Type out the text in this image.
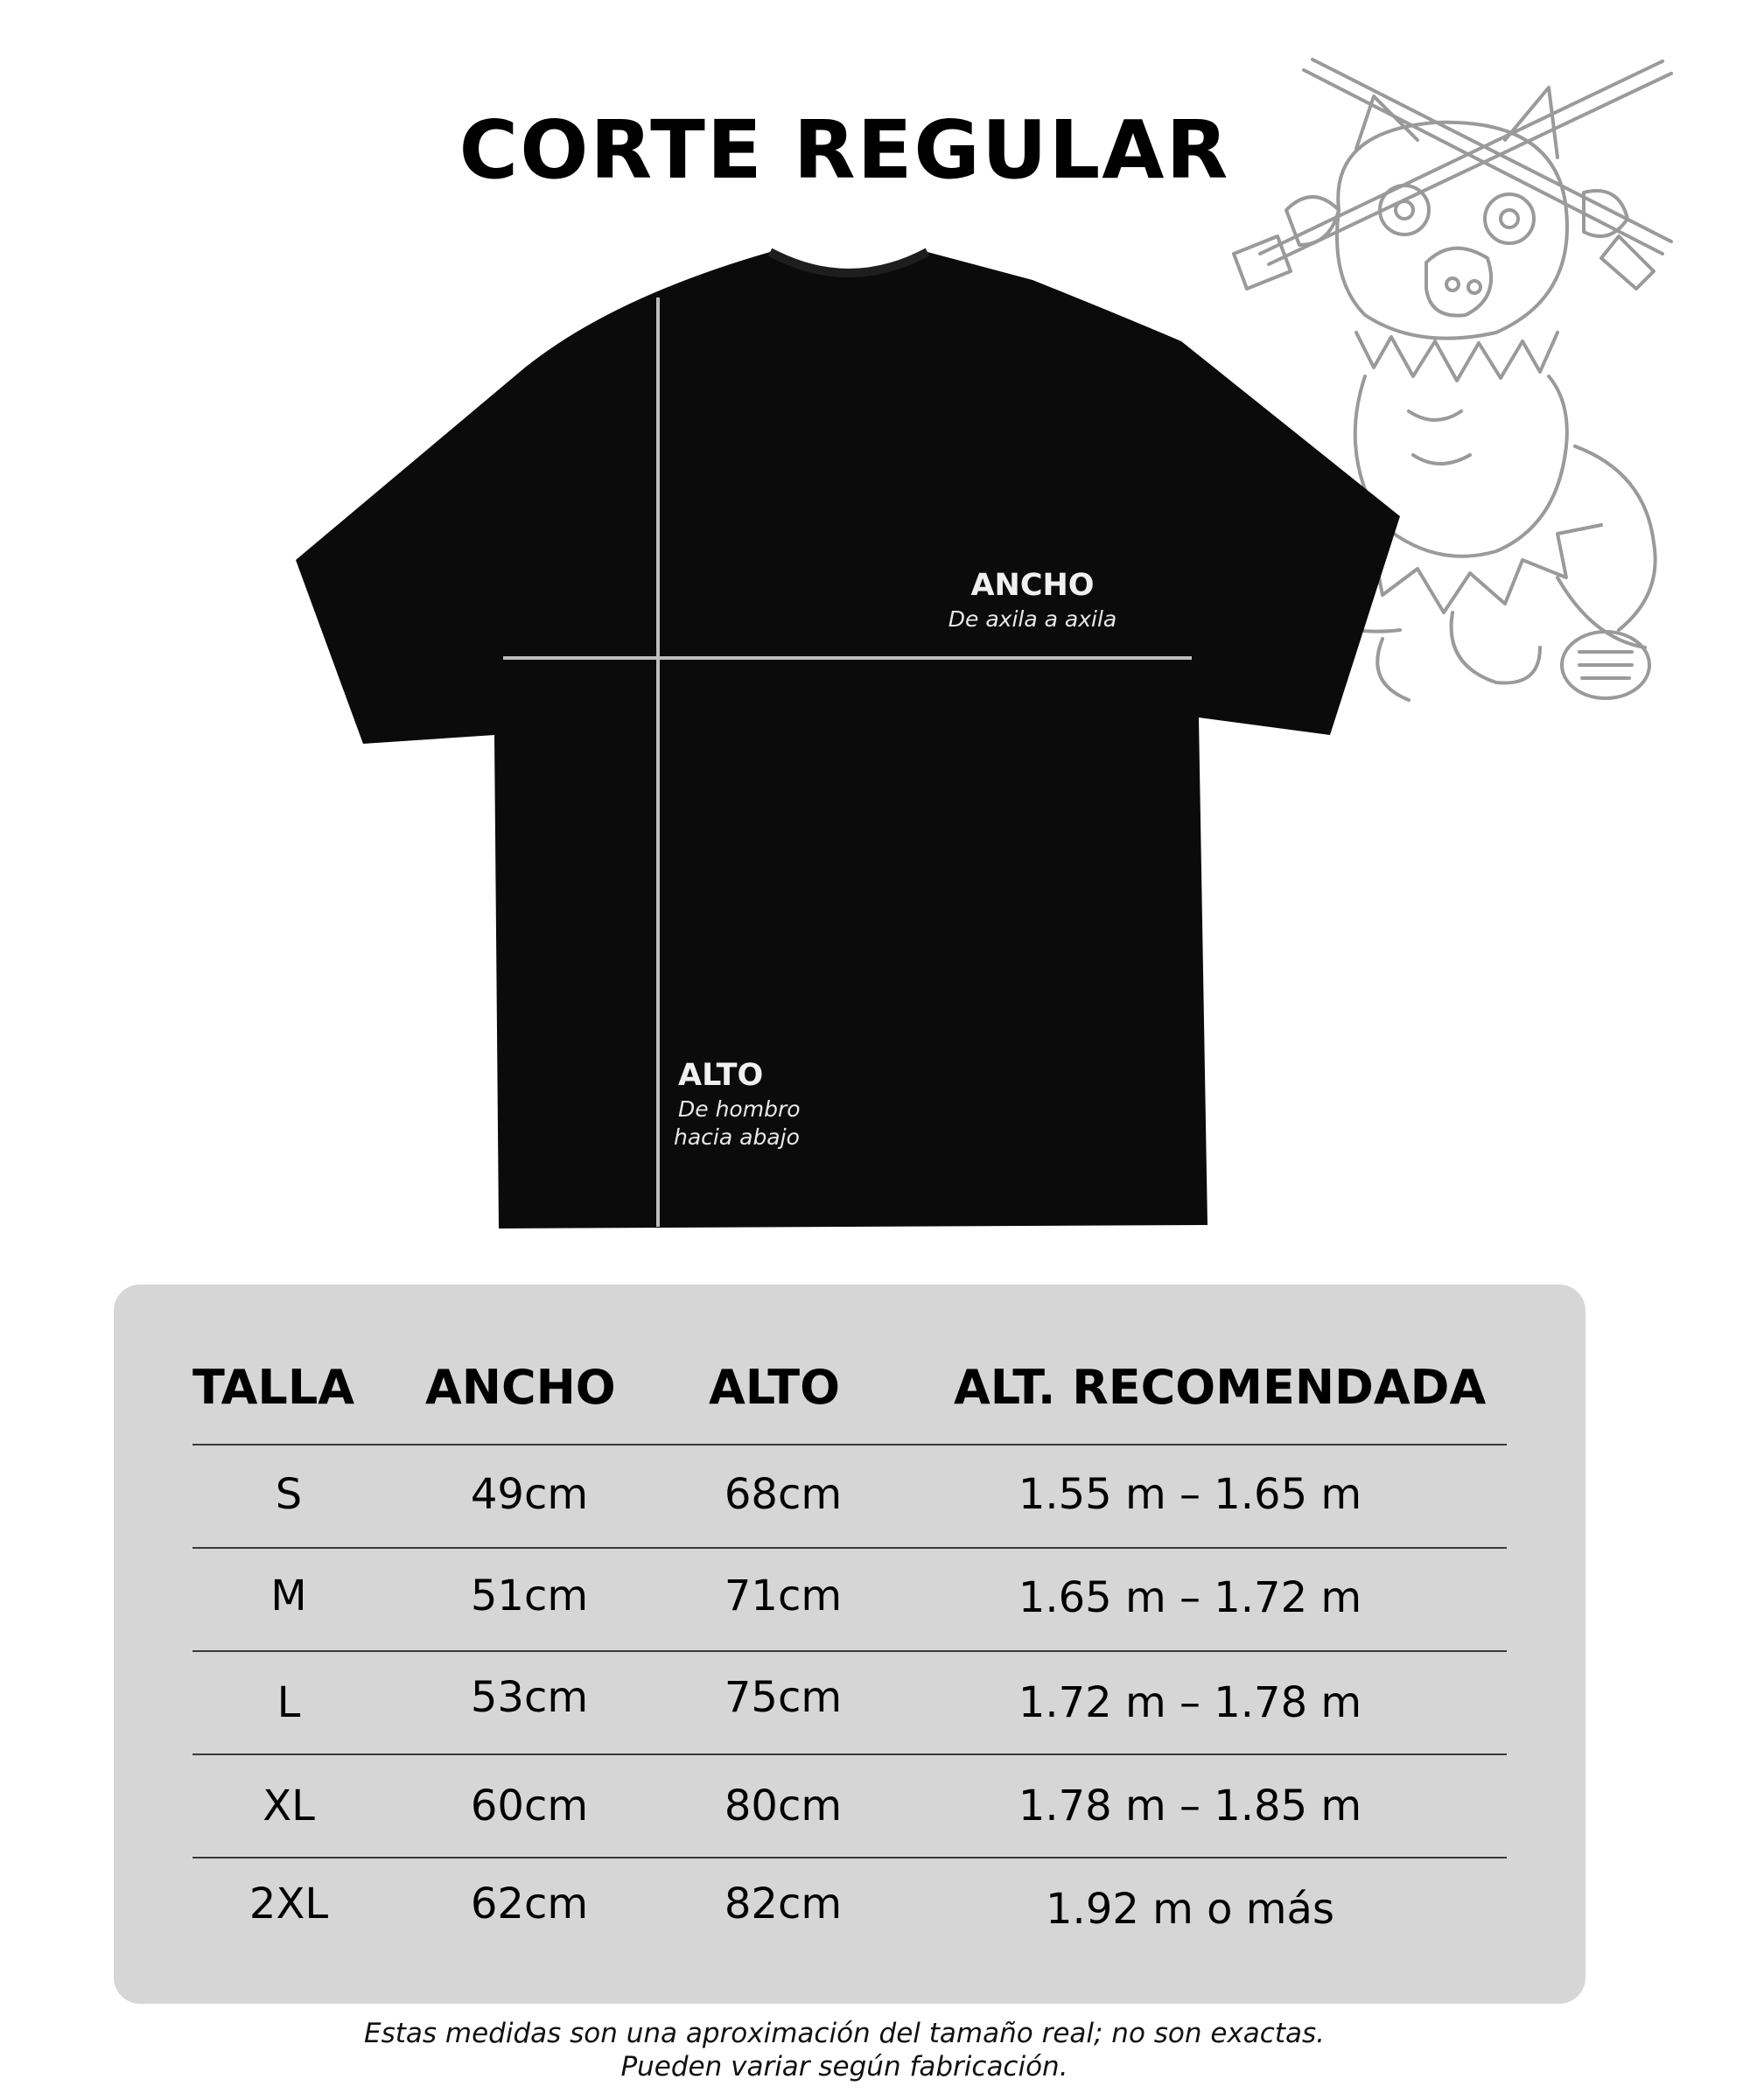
CORTE REGULAR
ANCHO
De axila a axila
ALTO
De hombro
hacia abajo
TALLA ANCHO ALTO ALT. RECOMENDADA
S	49cm	68cm	1.55 m – 1.65 m
M	51cm	71cm	1.65 m – 1.72 m
L	53cm	75cm	1.72 m – 1.78 m
XL	60cm	80cm	1.78 m – 1.85 m
2XL	62cm	82cm	1.92 m o más
Estas medidas son una aproximación del tamaño real; no son exactas.
Pueden variar según fabricación.
